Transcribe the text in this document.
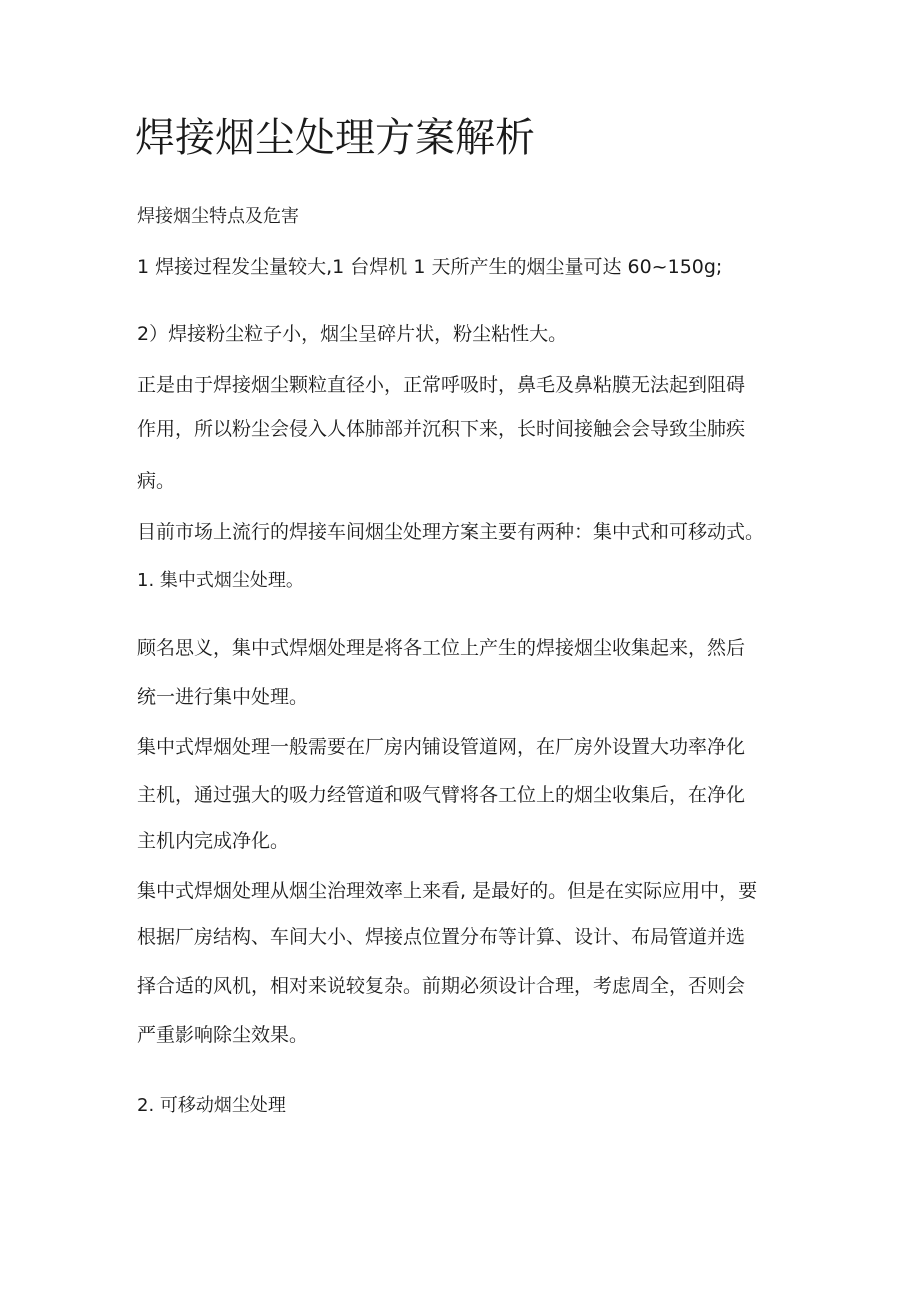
焊接烟尘处理方案解析

焊接烟尘特点及危害

1 焊接过程发尘量较大,1 台焊机 1 天所产生的烟尘量可达 60~150g;

2）焊接粉尘粒子小，烟尘呈碎片状，粉尘粘性大。

正是由于焊接烟尘颗粒直径小，正常呼吸时，鼻毛及鼻粘膜无法起到阻碍

作用，所以粉尘会侵入人体肺部并沉积下来，长时间接触会会导致尘肺疾

病。

目前市场上流行的焊接车间烟尘处理方案主要有两种：集中式和可移动式。

1. 集中式烟尘处理。

顾名思义，集中式焊烟处理是将各工位上产生的焊接烟尘收集起来，然后

统一进行集中处理。

集中式焊烟处理一般需要在厂房内铺设管道网，在厂房外设置大功率净化

主机，通过强大的吸力经管道和吸气臂将各工位上的烟尘收集后，在净化

主机内完成净化。

集中式焊烟处理从烟尘治理效率上来看, 是最好的。但是在实际应用中，要

根据厂房结构、车间大小、焊接点位置分布等计算、设计、布局管道并选

择合适的风机，相对来说较复杂。前期必须设计合理，考虑周全，否则会

严重影响除尘效果。

2. 可移动烟尘处理
